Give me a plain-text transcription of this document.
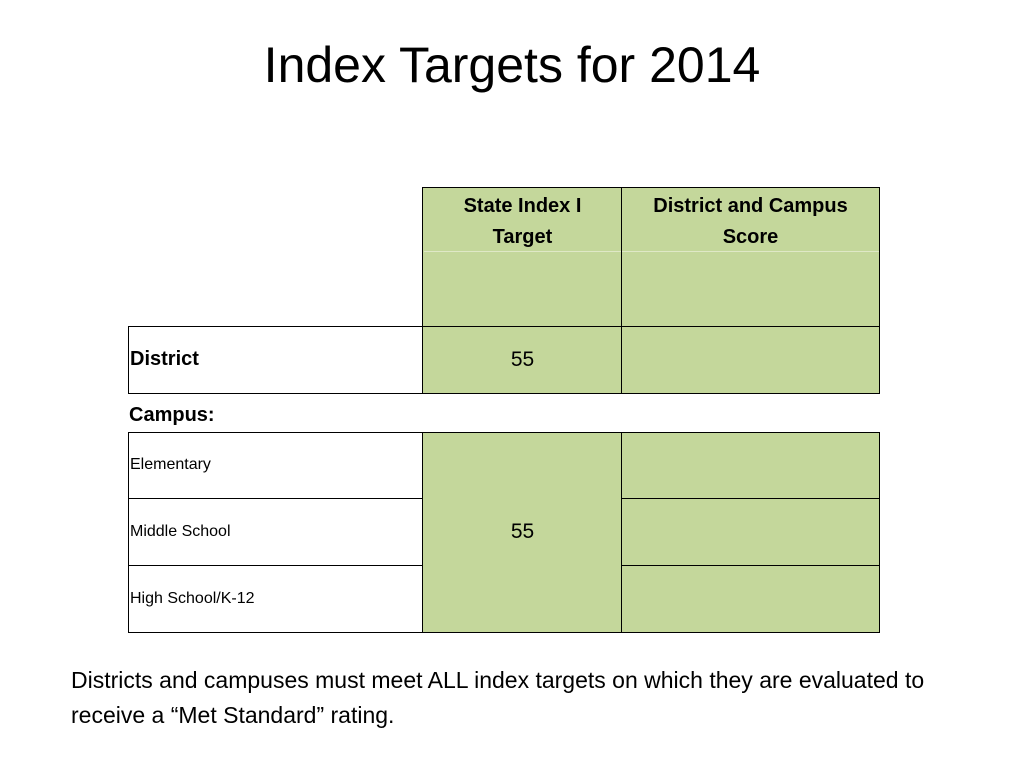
Index Targets for 2014
State Index I Target
District and Campus Score
District	55
Campus:
55
Elementary
Middle School
High School/K-12

Districts and campuses must meet ALL index targets on which they are evaluated to receive a “Met Standard” rating.
